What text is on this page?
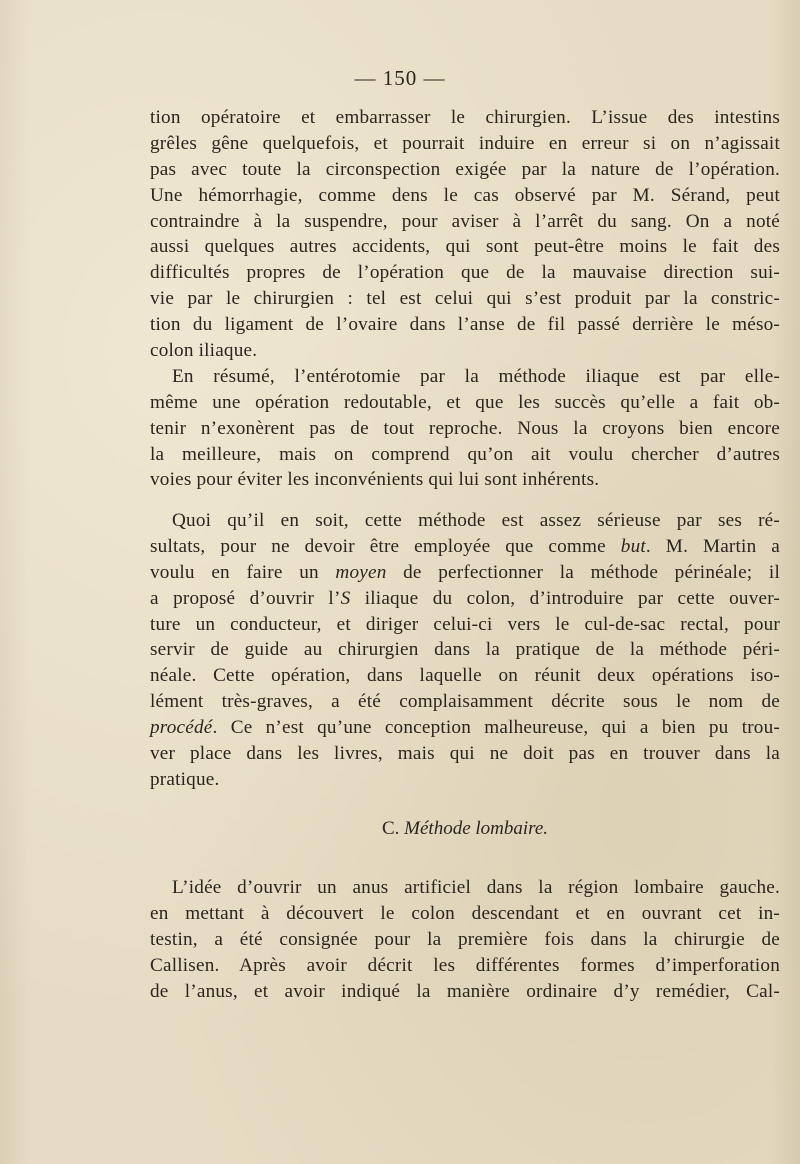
— 150 —
tion opératoire et embarrasser le chirurgien. L’issue des intestins
grêles gêne quelquefois, et pourrait induire en erreur si on n’agissait
pas avec toute la circonspection exigée par la nature de l’opération.
Une hémorrhagie, comme dens le cas observé par M. Sérand, peut
contraindre à la suspendre, pour aviser à l’arrêt du sang. On a noté
aussi quelques autres accidents, qui sont peut-être moins le fait des
difficultés propres de l’opération que de la mauvaise direction sui-
vie par le chirurgien : tel est celui qui s’est produit par la constric-
tion du ligament de l’ovaire dans l’anse de fil passé derrière le méso-
colon iliaque.
En résumé, l’entérotomie par la méthode iliaque est par elle-
même une opération redoutable, et que les succès qu’elle a fait ob-
tenir n’exonèrent pas de tout reproche. Nous la croyons bien encore
la meilleure, mais on comprend qu’on ait voulu chercher d’autres
voies pour éviter les inconvénients qui lui sont inhérents.
Quoi qu’il en soit, cette méthode est assez sérieuse par ses ré-
sultats, pour ne devoir être employée que comme but. M. Martin a
voulu en faire un moyen de perfectionner la méthode périnéale; il
a proposé d’ouvrir l’S iliaque du colon, d’introduire par cette ouver-
ture un conducteur, et diriger celui-ci vers le cul-de-sac rectal, pour
servir de guide au chirurgien dans la pratique de la méthode péri-
néale. Cette opération, dans laquelle on réunit deux opérations iso-
lément très-graves, a été complaisamment décrite sous le nom de
procédé. Ce n’est qu’une conception malheureuse, qui a bien pu trou-
ver place dans les livres, mais qui ne doit pas en trouver dans la
pratique.
C. Méthode lombaire.
L’idée d’ouvrir un anus artificiel dans la région lombaire gauche.
en mettant à découvert le colon descendant et en ouvrant cet in-
testin, a été consignée pour la première fois dans la chirurgie de
Callisen. Après avoir décrit les différentes formes d’imperforation
de l’anus, et avoir indiqué la manière ordinaire d’y remédier, Cal-
